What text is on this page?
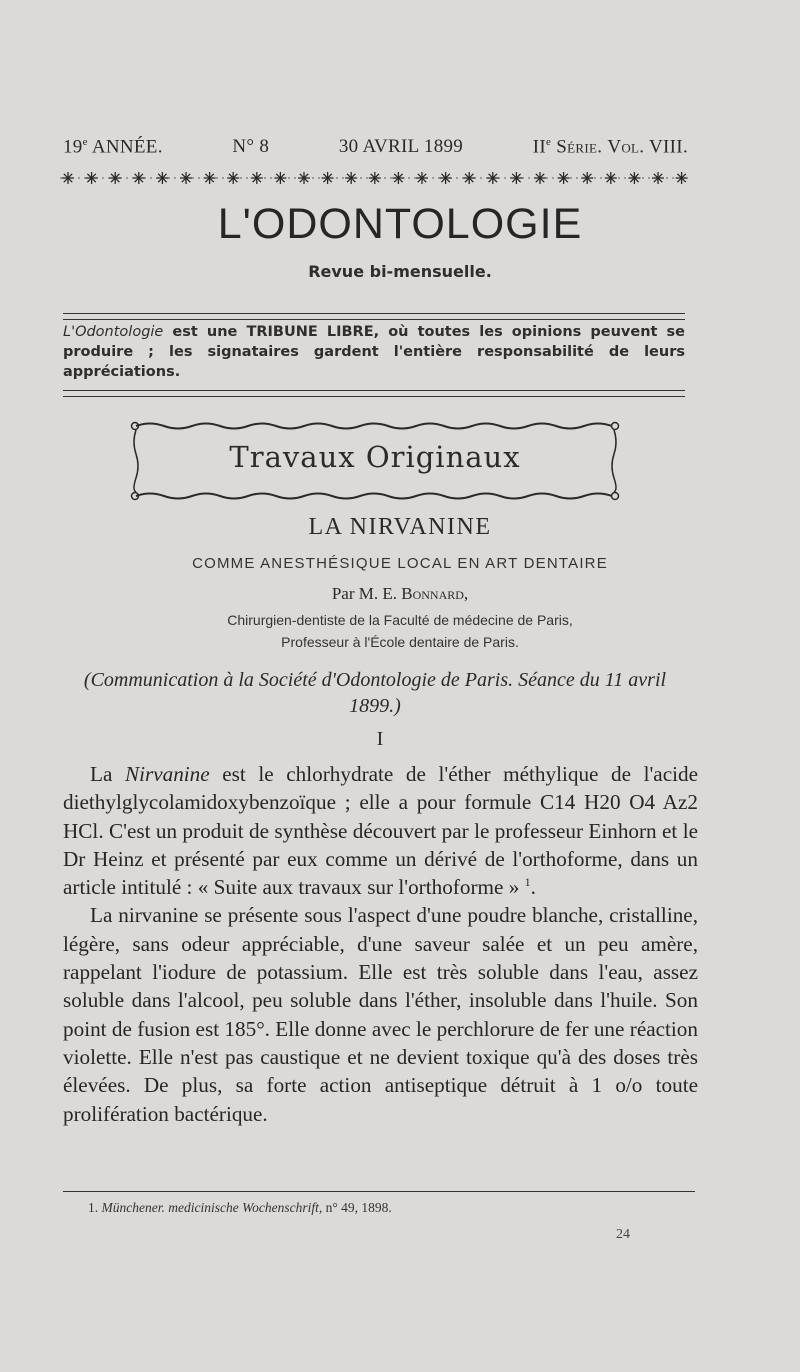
19e ANNÉE.	N° 8	30 AVRIL 1899	IIe Série. Vol. VIII.
L'ODONTOLOGIE
Revue bi-mensuelle.
L'Odontologie est une TRIBUNE LIBRE, où toutes les opinions peuvent se produire ; les signataires gardent l'entière responsabilité de leurs appréciations.
Travaux Originaux
LA NIRVANINE
COMME ANESTHÉSIQUE LOCAL EN ART DENTAIRE
Par M. E. Bonnard,
Chirurgien-dentiste de la Faculté de médecine de Paris,
Professeur à l'École dentaire de Paris.
(Communication à la Société d'Odontologie de Paris. Séance du 11 avril 1899.)
I

La Nirvanine est le chlorhydrate de l'éther méthylique de l'acide diethylglycolamidoxybenzoïque ; elle a pour formule C14 H20 O4 Az2 HCl. C'est un produit de synthèse découvert par le professeur Einhorn et le Dr Heinz et présenté par eux comme un dérivé de l'orthoforme, dans un article intitulé : « Suite aux travaux sur l'orthoforme » $^1$.

La nirvanine se présente sous l'aspect d'une poudre blanche, cristalline, légère, sans odeur appréciable, d'une saveur salée et un peu amère, rappelant l'iodure de potassium. Elle est très soluble dans l'eau, assez soluble dans l'alcool, peu soluble dans l'éther, insoluble dans l'huile. Son point de fusion est 185°. Elle donne avec le perchlorure de fer une réaction violette. Elle n'est pas caustique et ne devient toxique qu'à des doses très élevées. De plus, sa forte action antiseptique détruit à 1 o/o toute prolifération bactérique.

1. Münchener. medicinische Wochenschrift, n° 49, 1898.
24
